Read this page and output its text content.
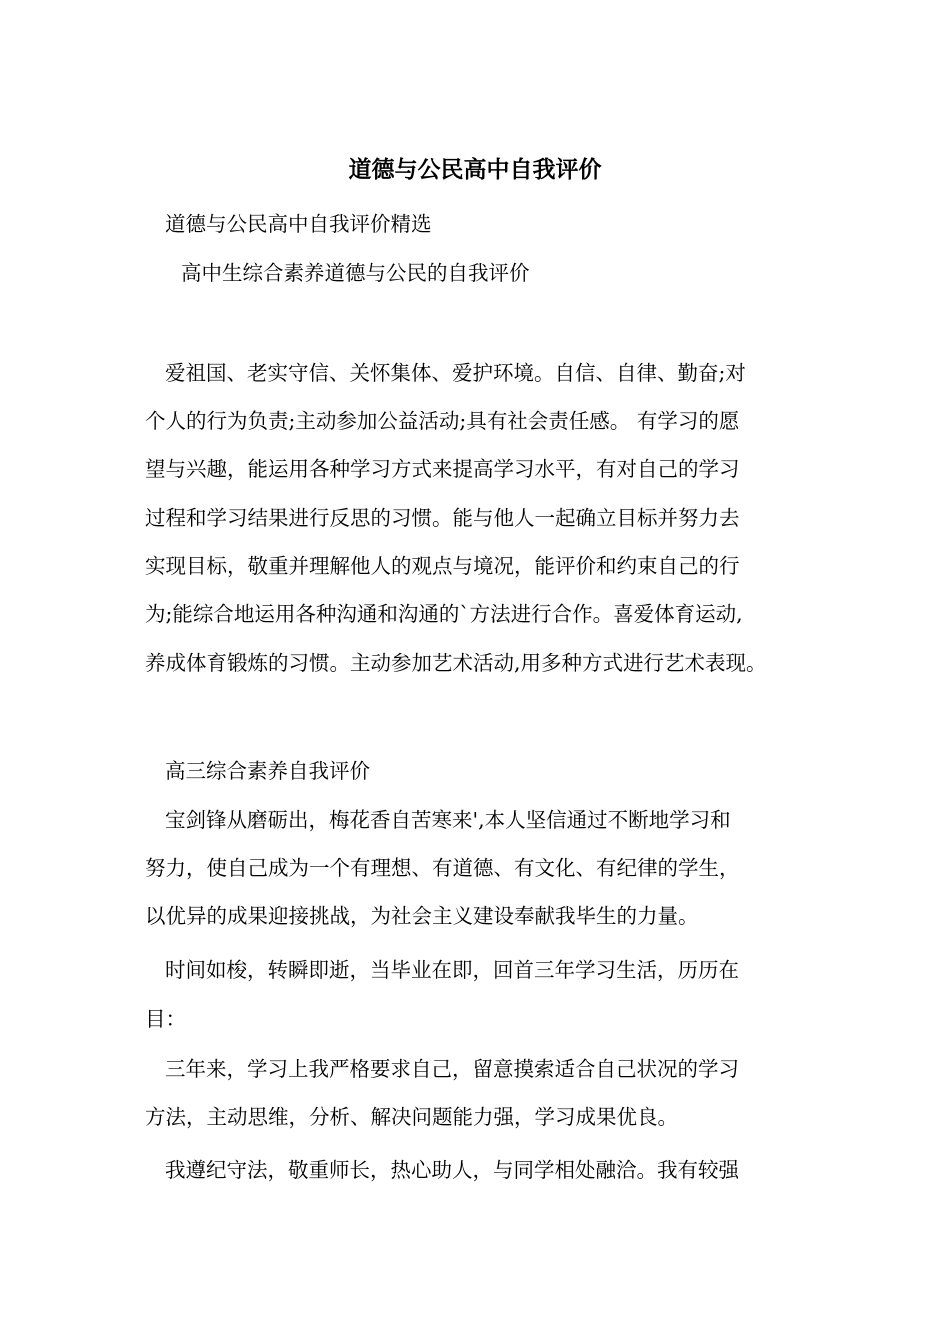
道德与公民高中自我评价

道德与公民高中自我评价精选

高中生综合素养道德与公民的自我评价

爱祖国、老实守信、关怀集体、爱护环境。自信、自律、勤奋;对

个人的行为负责;主动参加公益活动;具有社会责任感。 有学习的愿

望与兴趣，能运用各种学习方式来提高学习水平，有对自己的学习

过程和学习结果进行反思的习惯。能与他人一起确立目标并努力去

实现目标，敬重并理解他人的观点与境况，能评价和约束自己的行

为;能综合地运用各种沟通和沟通的`方法进行合作。喜爱体育运动,

养成体育锻炼的习惯。主动参加艺术活动,用多种方式进行艺术表现。

高三综合素养自我评价

宝剑锋从磨砺出，梅花香自苦寒来',本人坚信通过不断地学习和

努力，使自己成为一个有理想、有道德、有文化、有纪律的学生，

以优异的成果迎接挑战，为社会主义建设奉献我毕生的力量。

时间如梭，转瞬即逝，当毕业在即，回首三年学习生活，历历在

目：

三年来，学习上我严格要求自己，留意摸索适合自己状况的学习

方法，主动思维，分析、解决问题能力强，学习成果优良。

我遵纪守法，敬重师长，热心助人，与同学相处融洽。我有较强
